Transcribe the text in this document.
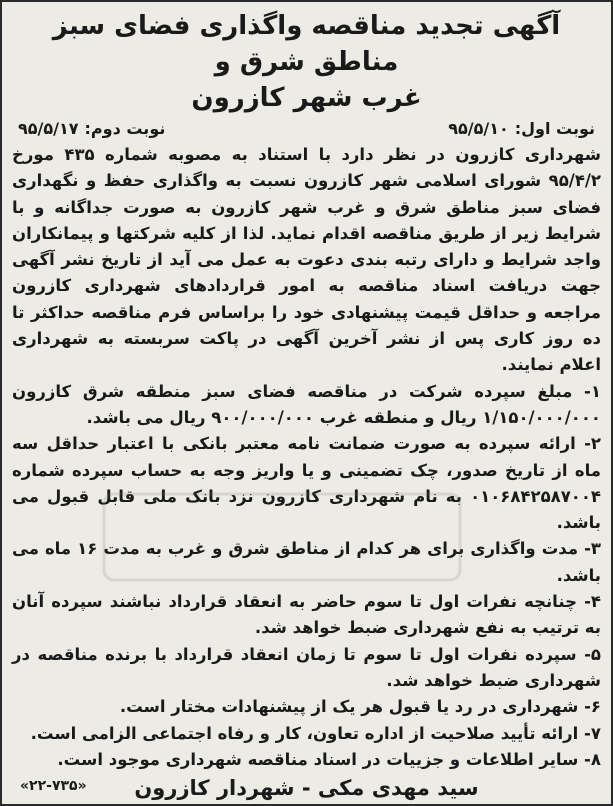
آگهی تجدید مناقصه واگذاری فضای سبز مناطق شرق و
غرب شهر کازرون
نوبت اول:
۹۵/۵/۱۰
نوبت دوم:
۹۵/۵/۱۷

شهرداری کازرون در نظر دارد با استناد به مصوبه شماره ۴۳۵ مورخ ۹۵/۴/۲ شورای اسلامی شهر کازرون نسبت به واگذاری حفظ و نگهداری فضای سبز مناطق شرق و غرب شهر کازرون به صورت جداگانه و با شرایط زیر از طریق مناقصه اقدام نماید. لذا از کلیه شرکتها و پیمانکاران واجد شرایط و دارای رتبه بندی دعوت به عمل می آید از تاریخ نشر آگهی جهت دریافت اسناد مناقصه به امور قراردادهای شهرداری کازرون مراجعه و حداقل قیمت پیشنهادی خود را براساس فرم مناقصه حداکثر تا ده روز کاری پس از نشر آخرین آگهی در پاکت سربسته به شهرداری اعلام نمایند.

۱- مبلغ سپرده شرکت در مناقصه فضای سبز منطقه شرق کازرون ۱/۱۵۰/۰۰۰/۰۰۰ ریال و منطقه غرب ۹۰۰/۰۰۰/۰۰۰ ریال می باشد.

۲- ارائه سپرده به صورت ضمانت نامه معتبر بانکی با اعتبار حداقل سه ماه از تاریخ صدور، چک تضمینی و یا واریز وجه به حساب سپرده شماره ۰۱۰۶۸۴۲۵۸۷۰۰۴ به نام شهرداری کازرون نزد بانک ملی قابل قبول می باشد.

۳- مدت واگذاری برای هر کدام از مناطق شرق و غرب به مدت ۱۶ ماه می باشد.

۴- چنانچه نفرات اول تا سوم حاضر به انعقاد قرارداد نباشند سپرده آنان به ترتیب به نفع شهرداری ضبط خواهد شد.

۵- سپرده نفرات اول تا سوم تا زمان انعقاد قرارداد با برنده مناقصه در شهرداری ضبط خواهد شد.

۶- شهرداری در رد یا قبول هر یک از پیشنهادات مختار است.

۷- ارائه تأیید صلاحیت از اداره تعاون، کار و رفاه اجتماعی الزامی است.

۸- سایر اطلاعات و جزییات در اسناد مناقصه شهرداری موجود است.

سید مهدی مکی - شهردار کازرون
«۲۲-۷۳۵»
